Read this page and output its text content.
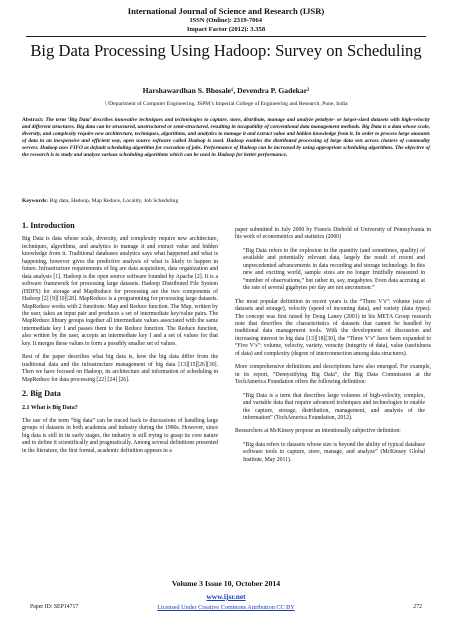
International Journal of Science and Research (IJSR)
ISSN (Online): 2319-7064
Impact Factor (2012): 3.358
Big Data Processing Using Hadoop: Survey on Scheduling
Harshawardhan S. Bhosale¹, Devendra P. Gadekar²
¹,²Department of Computer Engineering, JSPM’s Imperial College of Engineering and Research, Pune, India
Abstract: The term ‘Big Data’ describes innovative techniques and technologies to capture, store, distribute, manage and analyze petabyte- or larger-sized datasets with high-velocity and different structures. Big data can be structured, unstructured or semi-structured, resulting in incapability of conventional data management methods. Big Data is a data whose scale, diversity, and complexity require new architecture, techniques, algorithms, and analytics to manage it and extract value and hidden knowledge from it. In order to process large amounts of data in an inexpensive and efficient way, open source software called Hadoop is used. Hadoop enables the distributed processing of large data sets across clusters of commodity servers. Hadoop uses FIFO as default scheduling algorithm for execution of jobs. Performance of Hadoop can be increased by using appropriate scheduling algorithms. The objective of the research is to study and analyze various scheduling algorithms which can be used in Hadoop for better performance.
Keywords: Big data, Hadoop, Map Reduce, Locality, Job Scheduling
1. Introduction

Big Data is data whose scale, diversity, and complexity require new architecture, techniques, algorithms, and analytics to manage it and extract value and hidden knowledge from it. Traditional databases analytics says what happened and what is happening, however gives the predictive analysis of what is likely to happen in future. Infrastructure requirements of big are data acquisition, data organization and data analysis [1]. Hadoop is the open source software founded by Apache [2]. It is a software framework for processing large datasets. Hadoop Distributed File System (HDFS) for storage and MapReduce for processing are the two components of Hadoop [2] [9][10][28]. MapReduce is a programming for processing large datasets. MapReduce works with 2 functions: Map and Reduce function. The Map, written by the user, takes an input pair and produces a set of intermediate key/value pairs. The MapReduce library groups together all intermediate values associated with the same intermediate key I and passes them to the Reduce function. The Reduce function, also written by the user, accepts an intermediate key I and a set of values for that key. It merges these values to form a possibly smaller set of values.

Rest of the paper describes what big data is, how the big data differ from the traditional data and the infrastructure management of big data [13][15][26][30]. Then we have focused on Hadoop, its architecture and information of scheduling in MapReduce for data processing [22] [24] [26].

2. Big Data
2.1 What is Big Data?

The use of the term “big data” can be traced back to discussions of handling large groups of datasets in both academia and industry during the 1980s. However, since big data is still in its early stages, the industry is still trying to grasp its core nature and to define it scientifically and pragmatically. Among several definitions presented in the literature, the first formal, academic definition appears in a

paper submitted in July 2000 by Francis Diebold of University of Pennsylvania in his work of econometrics and statistics (2000)

“Big Data refers to the explosion in the quantity (and sometimes, quality) of available and potentially relevant data, largely the result of recent and unprecedented advancements in data recording and storage technology. In this new and exciting world, sample sizes are no longer fruitfully measured in “number of observations,” but rather in, say, megabytes. Even data accruing at the rate of several gigabytes per day are not uncommon.”

The most popular definition in recent years is the “Three V’s”: volume (size of datasets and storage), velocity (speed of incoming data), and variety (data types). The concept was first raised by Doug Laney (2001) in his META Group research note that describes the characteristics of datasets that cannot be handled by traditional data management tools. With the development of discussion and increasing interest in big data [13][18][30], the “Three V’s” have been expanded to “Five V’s”: volume, velocity, variety, veracity (integrity of data), value (usefulness of data) and complexity (degree of interconnection among data structures).

More comprehensive definitions and descriptions have also emerged. For example, in its report, “Demystifying Big Data”, the Big Data Commission at the TechAmerica Foundation offers the following definition:

“Big Data is a term that describes large volumes of high-velocity, complex, and variable data that require advanced techniques and technologies to enable the capture, storage, distribution, management, and analysis of the information” (TechAmerica Foundation, 2012).

Researchers at McKinsey propose an intentionally subjective definition:

“Big data refers to datasets whose size is beyond the ability of typical database software tools to capture, store, manage, and analyze” (McKinsey Global Institute, May 2011).

Volume 3 Issue 10, October 2014
www.ijsr.net
Paper ID: SEP14717	Licensed Under Creative Commons Attribution CC BY	272
